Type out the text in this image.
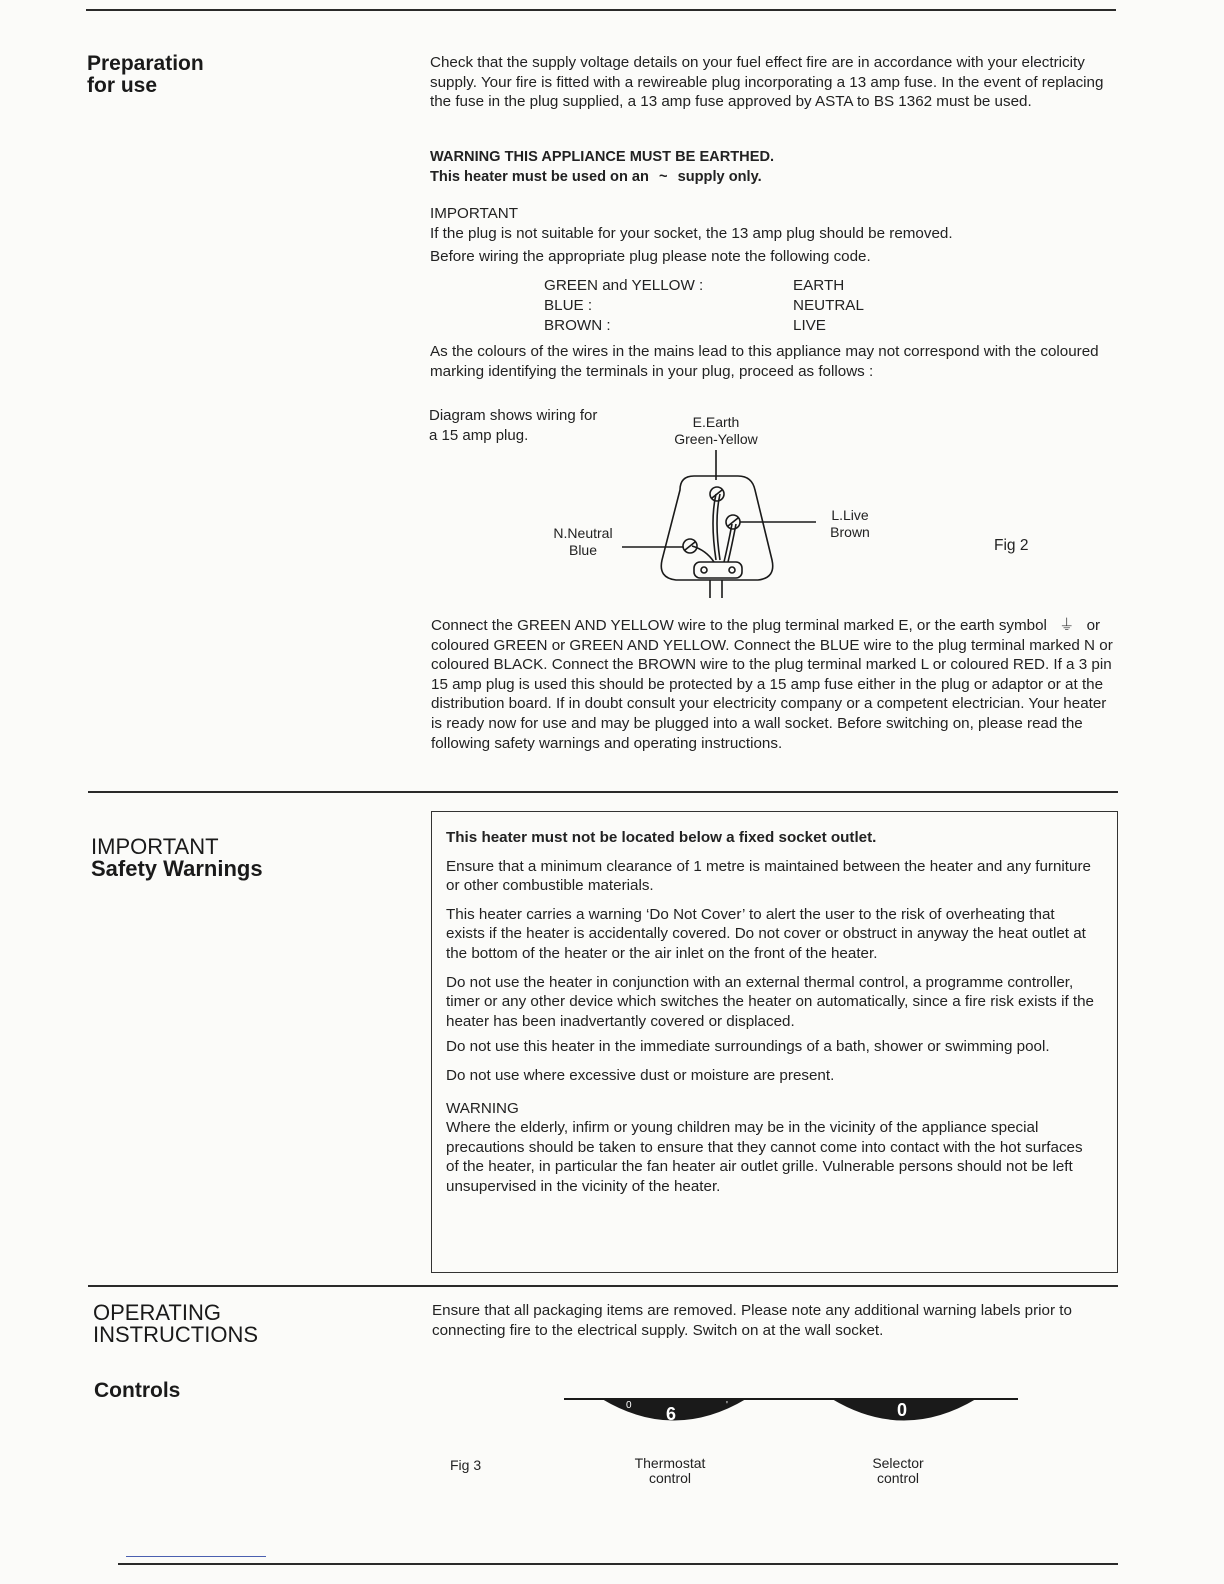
Preparation
for use

Check that the supply voltage details on your fuel effect fire are in accordance with your electricity supply. Your fire is fitted with a rewireable plug incorporating a 13 amp fuse. In the event of replacing the fuse in the plug supplied, a 13 amp fuse approved by ASTA to BS 1362 must be used.

WARNING THIS APPLIANCE MUST BE EARTHED.

This heater must be used on an ~ supply only.

IMPORTANT

If the plug is not suitable for your socket, the 13 amp plug should be removed.

Before wiring the appropriate plug please note the following code.

GREEN and YELLOW :	EARTH
BLUE :	NEUTRAL
BROWN :	LIVE

As the colours of the wires in the mains lead to this appliance may not correspond with the coloured marking identifying the terminals in your plug, proceed as follows :

Diagram shows wiring for
a 15 amp plug.
E.Earth
Green-Yellow
L.Live
Brown
N.Neutral
Blue	Fig 2

Connect the GREEN AND YELLOW wire to the plug terminal marked E, or the earth symbol ⏚ or coloured GREEN or GREEN AND YELLOW. Connect the BLUE wire to the plug terminal marked N or coloured BLACK. Connect the BROWN wire to the plug terminal marked L or coloured RED. If a 3 pin 15 amp plug is used this should be protected by a 15 amp fuse either in the plug or adaptor or at the distribution board. If in doubt consult your electricity company or a competent electrician. Your heater is ready now for use and may be plugged into a wall socket. Before switching on, please read the following safety warnings and operating instructions.

IMPORTANT
Safety Warnings

This heater must not be located below a fixed socket outlet.

Ensure that a minimum clearance of 1 metre is maintained between the heater and any furniture or other combustible materials.

This heater carries a warning ‘Do Not Cover’ to alert the user to the risk of overheating that exists if the heater is accidentally covered. Do not cover or obstruct in anyway the heat outlet at the bottom of the heater or the air inlet on the front of the heater.

Do not use the heater in conjunction with an external thermal control, a programme controller, timer or any other device which switches the heater on automatically, since a fire risk exists if the heater has been inadvertantly covered or displaced.

Do not use this heater in the immediate surroundings of a bath, shower or swimming pool.

Do not use where excessive dust or moisture are present.

WARNING

Where the elderly, infirm or young children may be in the vicinity of the appliance special precautions should be taken to ensure that they cannot come into contact with the hot surfaces of the heater, in particular the fan heater air outlet grille. Vulnerable persons should not be left unsupervised in the vicinity of the heater.

OPERATING
INSTRUCTIONS
Controls

Ensure that all packaging items are removed. Please note any additional warning labels prior to connecting fire to the electrical supply. Switch on at the wall socket.

0	'
6	0
Fig 3	Thermostat
control
Selector
control
